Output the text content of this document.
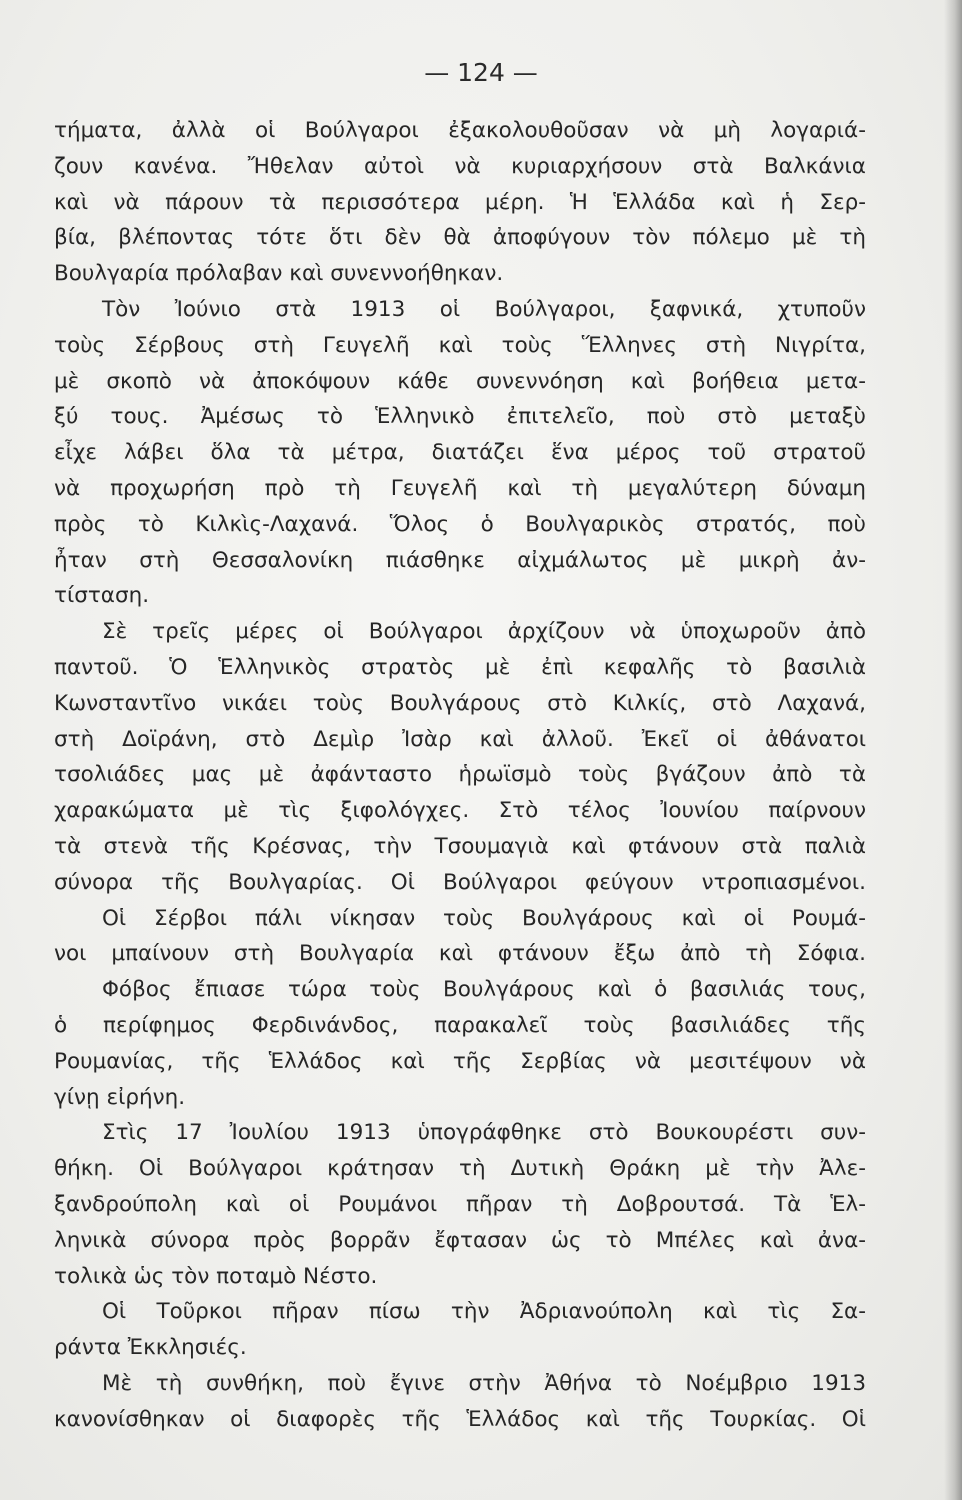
— 124 —

τήματα, ἀλλὰ οἱ Βούλγαροι ἐξακολουθοῦσαν νὰ μὴ λογαριά-
ζουν κανένα. Ἤθελαν αὐτοὶ νὰ κυριαρχήσουν στὰ Βαλκάνια
καὶ νὰ πάρουν τὰ περισσότερα μέρη. Ἡ Ἑλλάδα καὶ ἡ Σερ-
βία, βλέποντας τότε ὅτι δὲν θὰ ἀποφύγουν τὸν πόλεμο μὲ τὴ
Βουλγαρία πρόλαβαν καὶ συνεννοήθηκαν.
Τὸν Ἰούνιο στὰ 1913 οἱ Βούλγαροι, ξαφνικά, χτυποῦν
τοὺς Σέρβους στὴ Γευγελῆ καὶ τοὺς Ἕλληνες στὴ Νιγρίτα,
μὲ σκοπὸ νὰ ἀποκόψουν κάθε συνεννόηση καὶ βοήθεια μετα-
ξύ τους. Ἀμέσως τὸ Ἑλληνικὸ ἐπιτελεῖο, ποὺ στὸ μεταξὺ
εἶχε λάβει ὅλα τὰ μέτρα, διατάζει ἕνα μέρος τοῦ στρατοῦ
νὰ προχωρήση πρὸ τὴ Γευγελῆ καὶ τὴ μεγαλύτερη δύναμη
πρὸς τὸ Κιλκὶς-Λαχανά. Ὅλος ὁ Βουλγαρικὸς στρατός, ποὺ
ἦταν στὴ Θεσσαλονίκη πιάσθηκε αἰχμάλωτος μὲ μικρὴ ἀν-
τίσταση.
Σὲ τρεῖς μέρες οἱ Βούλγαροι ἀρχίζουν νὰ ὑποχωροῦν ἀπὸ
παντοῦ. Ὁ Ἑλληνικὸς στρατὸς μὲ ἐπὶ κεφαλῆς τὸ βασιλιὰ
Κωνσταντῖνο νικάει τοὺς Βουλγάρους στὸ Κιλκίς, στὸ Λαχανά,
στὴ Δοϊράνη, στὸ Δεμὶρ Ἰσὰρ καὶ ἀλλοῦ. Ἐκεῖ οἱ ἀθάνατοι
τσολιάδες μας μὲ ἀφάνταστο ἡρωϊσμὸ τοὺς βγάζουν ἀπὸ τὰ
χαρακώματα μὲ τὶς ξιφολόγχες. Στὸ τέλος Ἰουνίου παίρνουν
τὰ στενὰ τῆς Κρέσνας, τὴν Τσουμαγιὰ καὶ φτάνουν στὰ παλιὰ
σύνορα τῆς Βουλγαρίας. Οἱ Βούλγαροι φεύγουν ντροπιασμένοι.
Οἱ Σέρβοι πάλι νίκησαν τοὺς Βουλγάρους καὶ οἱ Ρουμά-
νοι μπαίνουν στὴ Βουλγαρία καὶ φτάνουν ἔξω ἀπὸ τὴ Σόφια.
Φόβος ἔπιασε τώρα τοὺς Βουλγάρους καὶ ὁ βασιλιάς τους,
ὁ περίφημος Φερδινάνδος, παρακαλεῖ τοὺς βασιλιάδες τῆς
Ρουμανίας, τῆς Ἑλλάδος καὶ τῆς Σερβίας νὰ μεσιτέψουν νὰ
γίνῃ εἰρήνη.
Στὶς 17 Ἰουλίου 1913 ὑπογράφθηκε στὸ Βουκουρέστι συν-
θήκη. Οἱ Βούλγαροι κράτησαν τὴ Δυτικὴ Θράκη μὲ τὴν Ἀλε-
ξανδρούπολη καὶ οἱ Ρουμάνοι πῆραν τὴ Δοβρουτσά. Τὰ Ἑλ-
ληνικὰ σύνορα πρὸς βορρᾶν ἔφτασαν ὡς τὸ Μπέλες καὶ ἀνα-
τολικὰ ὡς τὸν ποταμὸ Νέστο.
Οἱ Τοῦρκοι πῆραν πίσω τὴν Ἀδριανούπολη καὶ τὶς Σα-
ράντα Ἐκκλησιές.
Μὲ τὴ συνθήκη, ποὺ ἔγινε στὴν Ἀθήνα τὸ Νοέμβριο 1913
κανονίσθηκαν οἱ διαφορὲς τῆς Ἑλλάδος καὶ τῆς Τουρκίας. Οἱ
